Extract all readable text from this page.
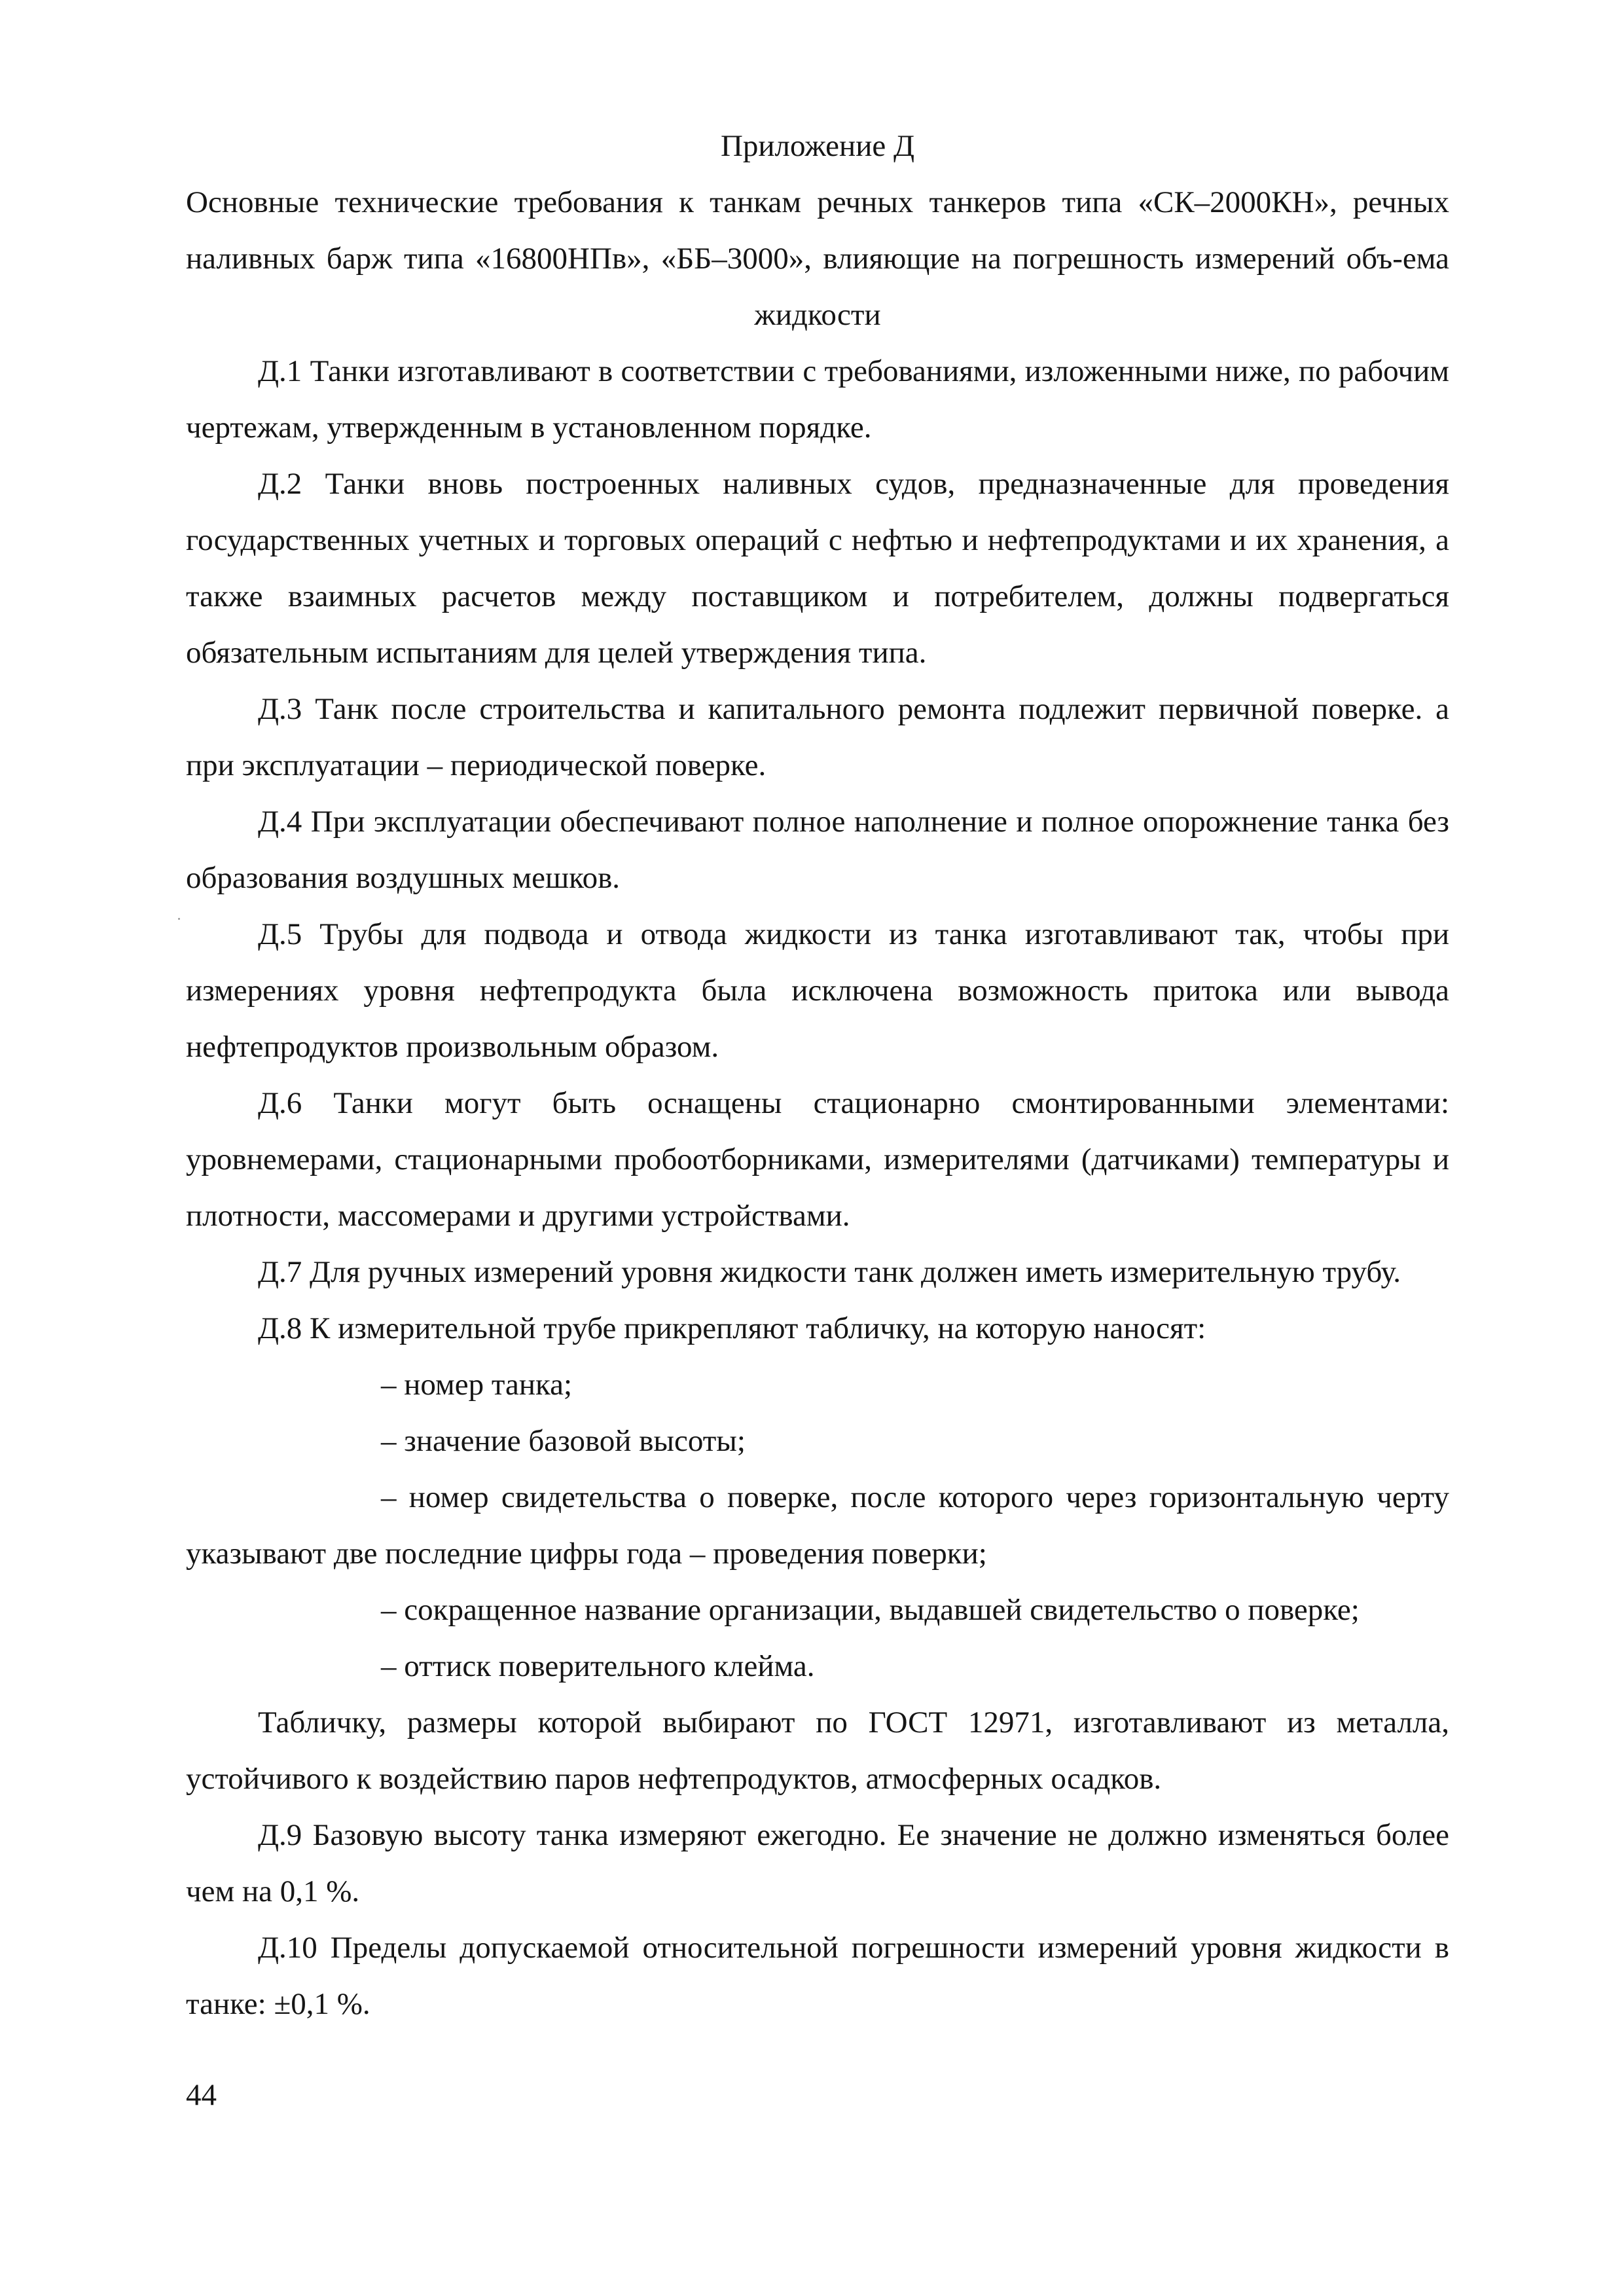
Приложение Д

Основные технические требования к танкам речных танкеров типа «СК–2000КН», речных наливных барж типа «16800НПв», «ББ–3000», влияющие на погрешность измерений объ-ема жидкости

Д.1 Танки изготавливают в соответствии с требованиями, изложенными ниже, по рабочим чертежам, утвержденным в установленном порядке.

Д.2 Танки вновь построенных наливных судов, предназначенные для проведения государственных учетных и торговых операций с нефтью и нефтепродуктами и их хранения, а также взаимных расчетов между поставщиком и потребителем, должны подвергаться обязательным испытаниям для целей утверждения типа.

Д.3 Танк после строительства и капитального ремонта подлежит первичной поверке. а при эксплуатации – периодической поверке.

Д.4 При эксплуатации обеспечивают полное наполнение и полное опорожнение танка без образования воздушных мешков.

Д.5 Трубы для подвода и отвода жидкости из танка изготавливают так, чтобы при измерениях уровня нефтепродукта была исключена возможность притока или вывода нефтепродуктов произвольным образом.

Д.6 Танки могут быть оснащены стационарно смонтированными элементами: уровнемерами, стационарными пробоотборниками, измерителями (датчиками) температуры и плотности, массомерами и другими устройствами.

Д.7 Для ручных измерений уровня жидкости танк должен иметь измерительную трубу.

Д.8 К измерительной трубе прикрепляют табличку, на которую наносят:

– номер танка;

– значение базовой высоты;

– номер свидетельства о поверке, после которого через горизонтальную черту указывают две последние цифры года – проведения поверки;

– сокращенное название организации, выдавшей свидетельство о поверке;

– оттиск поверительного клейма.

Табличку, размеры которой выбирают по ГОСТ 12971, изготавливают из металла, устойчивого к воздействию паров нефтепродуктов, атмосферных осадков.

Д.9 Базовую высоту танка измеряют ежегодно. Ее значение не должно изменяться более чем на 0,1 %.

Д.10 Пределы допускаемой относительной погрешности измерений уровня жидкости в танке: ±0,1 %.

44
